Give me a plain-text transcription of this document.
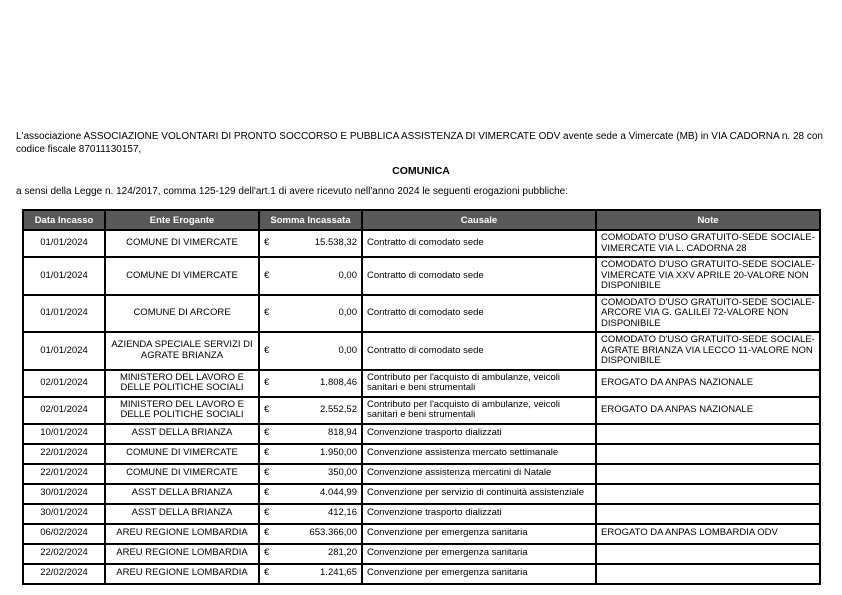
L'associazione ASSOCIAZIONE VOLONTARI DI PRONTO SOCCORSO E PUBBLICA ASSISTENZA DI VIMERCATE ODV avente sede a Vimercate (MB) in VIA CADORNA n. 28 con codice fiscale 87011130157,

COMUNICA

a sensi della Legge n. 124/2017, comma 125-129 dell'art.1 di avere ricevuto nell'anno 2024 le seguenti erogazioni pubbliche:

Data Incasso	Ente Erogante	Somma Incassata	Causale	Note
01/01/2024	COMUNE DI VIMERCATE	€ 15.538,32	Contratto di comodato sede	COMODATO D'USO GRATUITO-SEDE SOCIALE-VIMERCATE VIA L. CADORNA 28
01/01/2024	COMUNE DI VIMERCATE	€ 0,00	Contratto di comodato sede	COMODATO D'USO GRATUITO-SEDE SOCIALE-VIMERCATE VIA XXV APRILE 20-VALORE NON DISPONIBILE
01/01/2024	COMUNE DI ARCORE	€ 0,00	Contratto di comodato sede	COMODATO D'USO GRATUITO-SEDE SOCIALE-ARCORE VIA G. GALILEI 72-VALORE NON DISPONIBILE
01/01/2024	AZIENDA SPECIALE SERVIZI DI AGRATE BRIANZA	€ 0,00	Contratto di comodato sede	COMODATO D'USO GRATUITO-SEDE SOCIALE-AGRATE BRIANZA VIA LECCO 11-VALORE NON DISPONIBILE
02/01/2024	MINISTERO DEL LAVORO E DELLE POLITICHE SOCIALI	€ 1.808,46	Contributo per l'acquisto di ambulanze, veicoli sanitari e beni strumentali	EROGATO DA ANPAS NAZIONALE
02/01/2024	MINISTERO DEL LAVORO E DELLE POLITICHE SOCIALI	€ 2.552,52	Contributo per l'acquisto di ambulanze, veicoli sanitari e beni strumentali	EROGATO DA ANPAS NAZIONALE
10/01/2024	ASST DELLA BRIANZA	€ 818,94	Convenzione trasporto dializzati	
22/01/2024	COMUNE DI VIMERCATE	€ 1.950,00	Convenzione assistenza mercato settimanale	
22/01/2024	COMUNE DI VIMERCATE	€ 350,00	Convenzione assistenza mercatini di Natale	
30/01/2024	ASST DELLA BRIANZA	€ 4.044,99	Convenzione per servizio di continuità assistenziale	
30/01/2024	ASST DELLA BRIANZA	€ 412,16	Convenzione trasporto dializzati	
06/02/2024	AREU REGIONE LOMBARDIA	€ 653.366,00	Convenzione per emergenza sanitaria	EROGATO DA ANPAS LOMBARDIA ODV
22/02/2024	AREU REGIONE LOMBARDIA	€ 281,20	Convenzione per emergenza sanitaria	
22/02/2024	AREU REGIONE LOMBARDIA	€ 1.241,65	Convenzione per emergenza sanitaria	
